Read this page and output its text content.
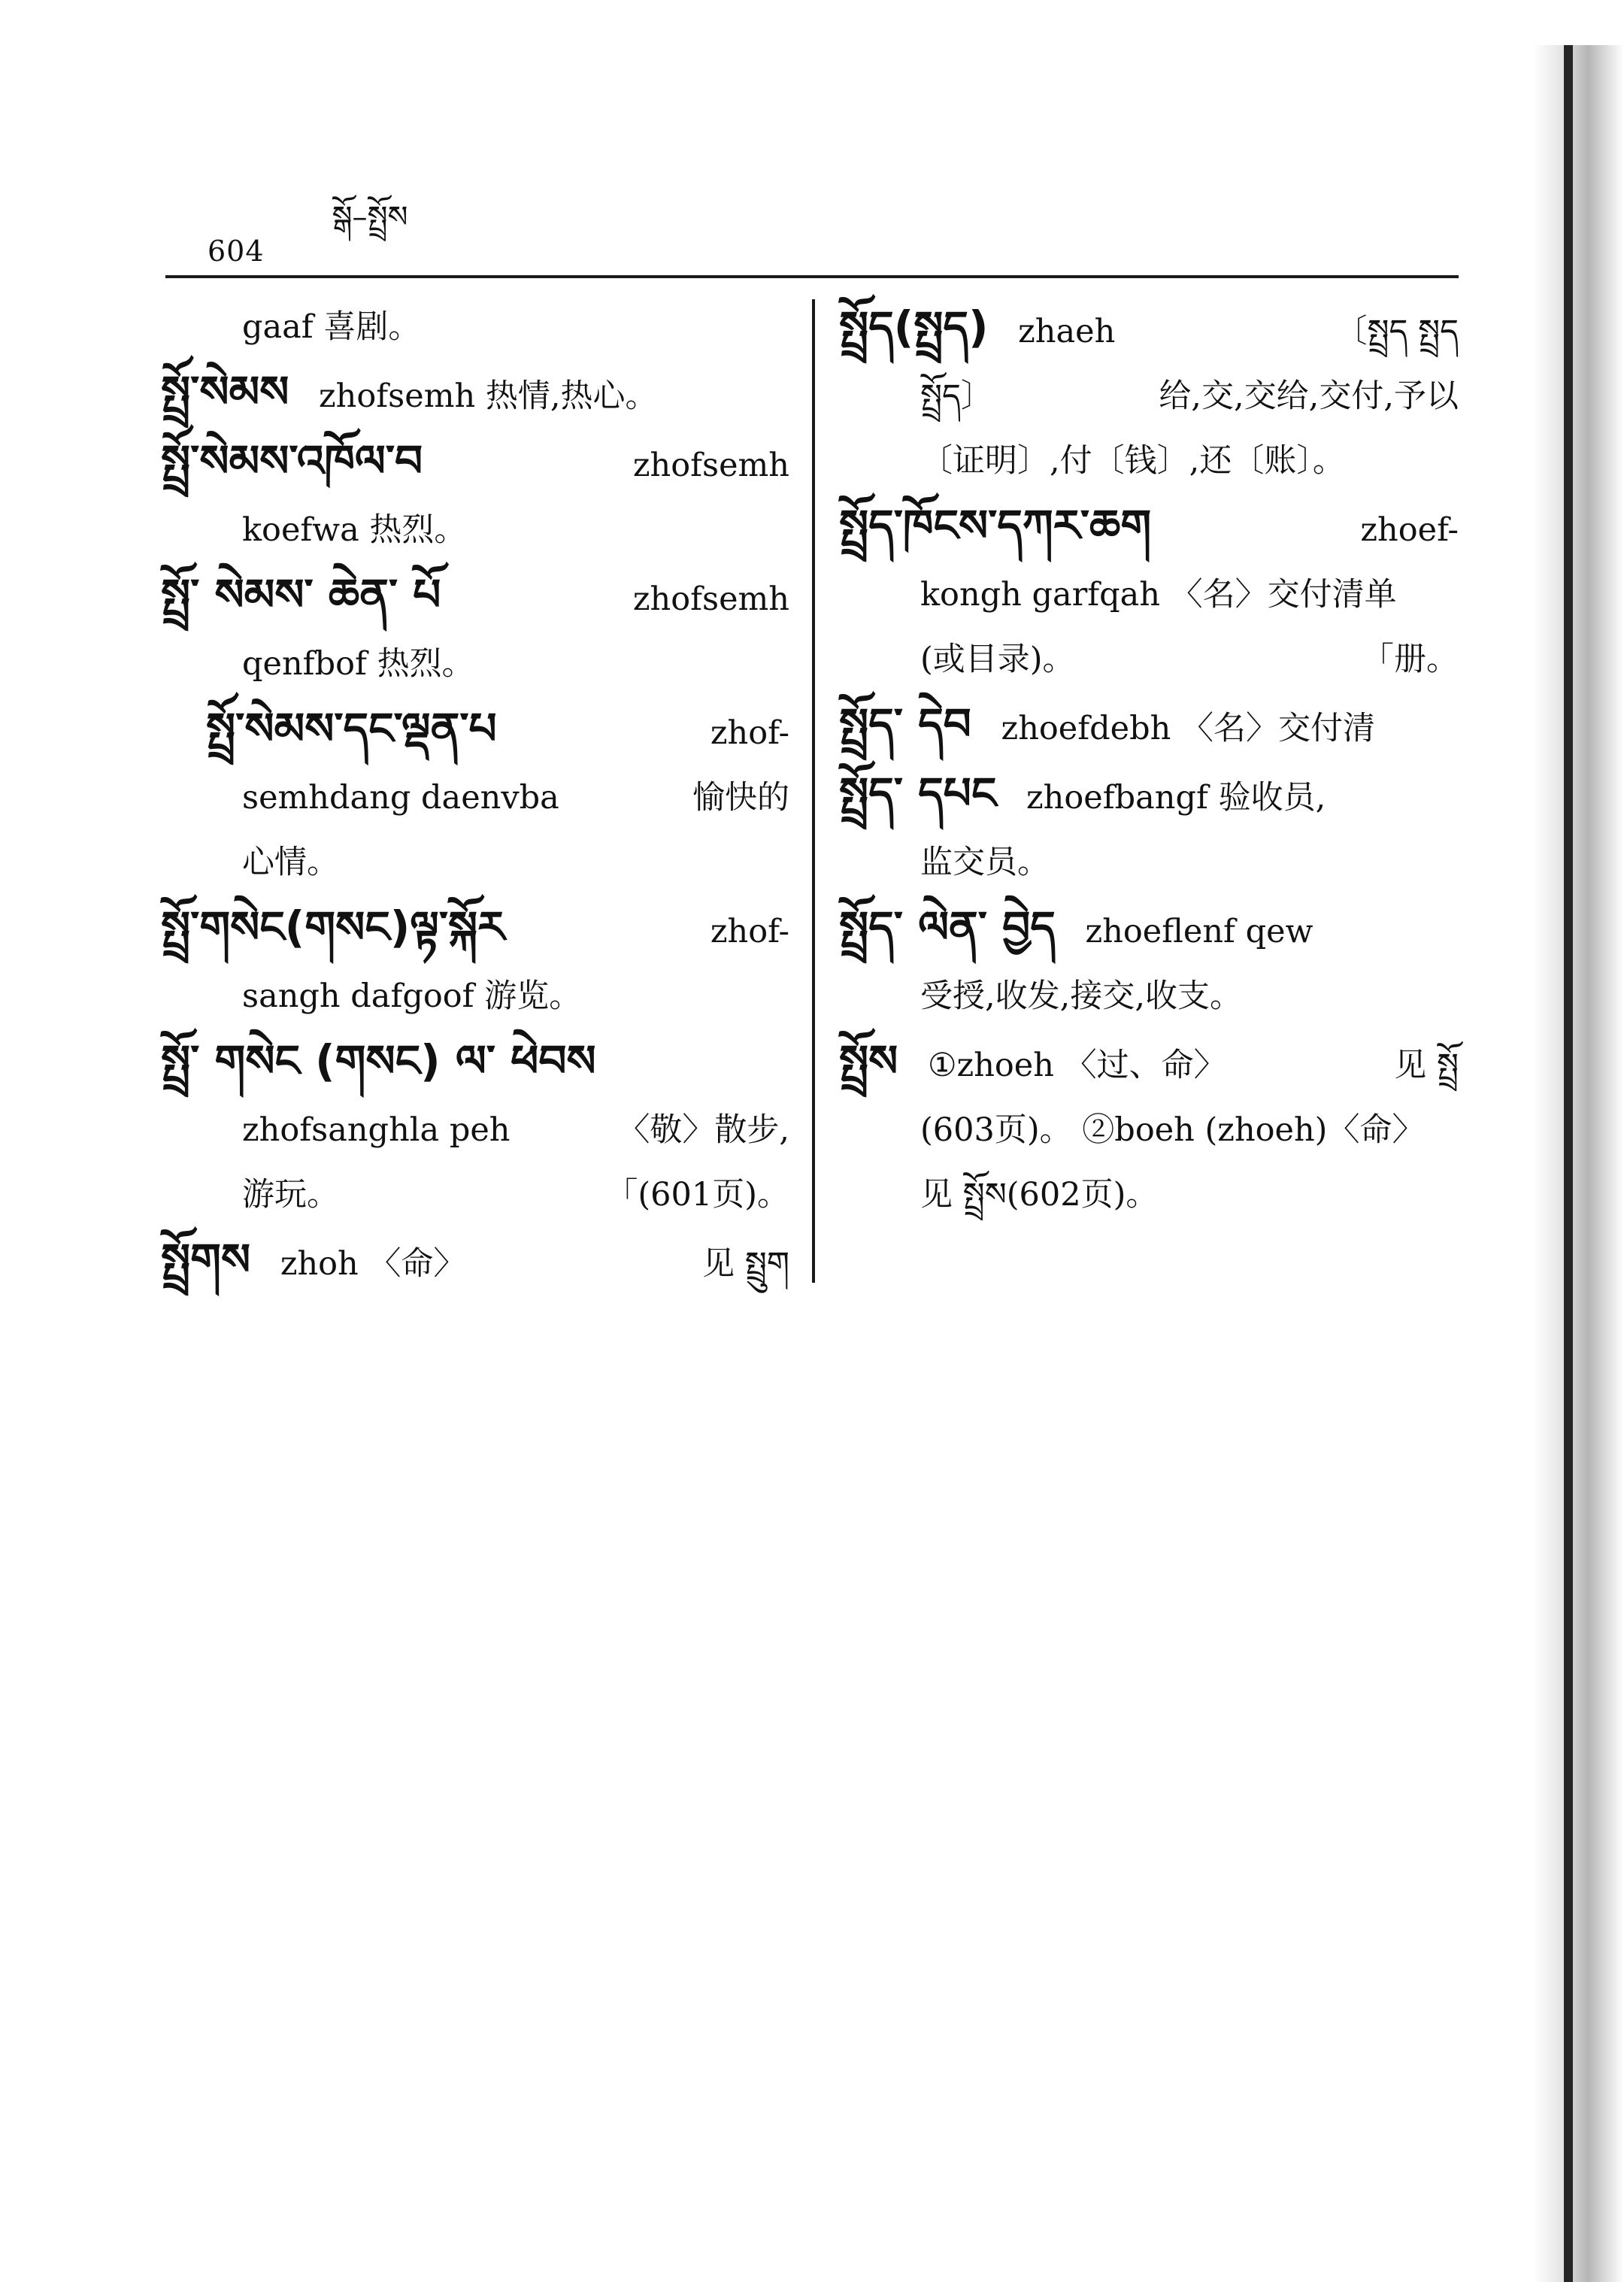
604
སྒོ–སྤྲོས
gaaf 喜剧。
སྤྲོ་སེམས zhofsemh 热情,热心。
སྤྲོ་སེམས་འཁོལ་བ	zhofsemh
koefwa 热烈。
སྤྲོ་ སེམས་ ཆེན་ པོ	zhofsemh
qenfbof 热烈。
སྤྲོ་སེམས་དང་ལྡན་པ	zhof-
semhdang daenvba	愉快的
心情。
སྤྲོ་གསེང(གསང)ལྟ་སྐོར	zhof-
sangh dafgoof 游览。
སྤྲོ་ གསེང (གསང) ལ་ ཕེབས
zhofsanghla peh	〈敬〉散步,
游玩。	「(601页)。
སྤྲོགས zhoh 〈命〉	见 སྤྲུག
སྤྲོད(སྤྲད) zhaeh	〔སྤྲད སྤྲད
སྤྲོད〕	给,交,交给,交付,予以
〔证明〕,付〔钱〕,还〔账〕。
སྤྲོད་ཁོངས་དཀར་ཆག	zhoef-
kongh garfqah 〈名〉交付清单
(或目录)。	「册。
སྤྲོད་ དེབ zhoefdebh 〈名〉交付清
སྤྲོད་ དཔང zhoefbangf 验收员,
监交员。
སྤྲོད་ ལེན་ བྱེད zhoeflenf qew
受授,收发,接交,收支。
སྤྲོས ①zhoeh 〈过、命〉	见 སྤྲོ
(603页)。 ②boeh (zhoeh)〈命〉
见 སྤྲོས(602页)。
